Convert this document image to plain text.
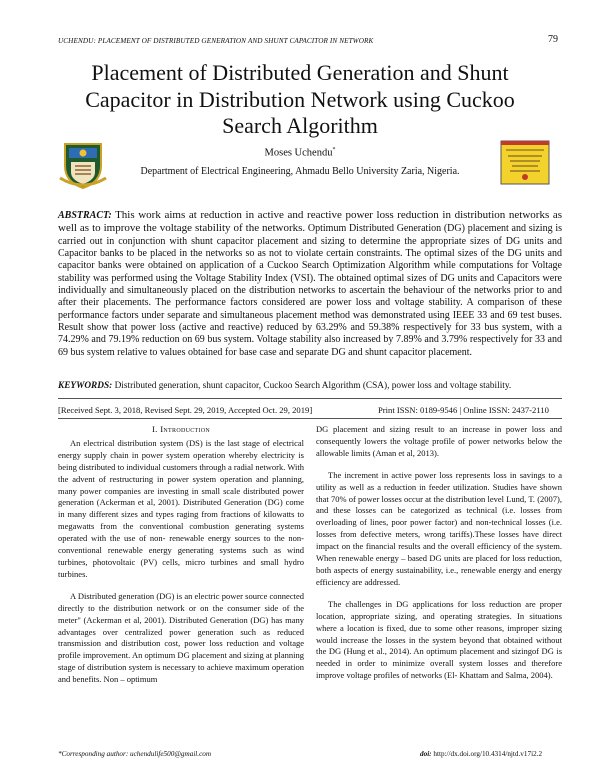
UCHENDU: PLACEMENT OF DISTRIBUTED GENERATION AND SHUNT CAPACITOR IN NETWORK	79
Placement of Distributed Generation and Shunt Capacitor in Distribution Network using Cuckoo Search Algorithm
Moses Uchendu*
Department of Electrical Engineering, Ahmadu Bello University Zaria, Nigeria.
ABSTRACT: This work aims at reduction in active and reactive power loss reduction in distribution networks as well as to improve the voltage stability of the networks. Optimum Distributed Generation (DG) placement and sizing is carried out in conjunction with shunt capacitor placement and sizing to determine the appropriate sizes of DG units and Capacitor banks to be placed in the networks so as not to violate certain constraints. The optimal sizes of the DG units and capacitor banks were obtained on application of a Cuckoo Search Optimization Algorithm while computations for Voltage stability was performed using the Voltage Stability Index (VSI). The obtained optimal sizes of DG units and Capacitors were individually and simultaneously placed on the distribution networks to ascertain the behaviour of the networks prior to and after their placements. The performance factors considered are power loss and voltage stability. A comparison of these performance factors under separate and simultaneous placement method was demonstrated using IEEE 33 and 69 test buses. Result show that power loss (active and reactive) reduced by 63.29% and 59.38% respectively for 33 bus system, with a 74.29% and 79.19% reduction on 69 bus system. Voltage stability also increased by 7.89% and 3.79% respectively for 33 and 69 bus system relative to values obtained for base case and separate DG and shunt capacitor placement.
KEYWORDS: Distributed generation, shunt capacitor, Cuckoo Search Algorithm (CSA), power loss and voltage stability.
[Received Sept. 3, 2018, Revised Sept. 29, 2019, Accepted Oct. 29, 2019]	Print ISSN: 0189-9546 | Online ISSN: 2437-2110
I. Introduction

An electrical distribution system (DS) is the last stage of electrical energy supply chain in power system operation whereby electricity is being distributed to individual customers through a radial network. With the advent of restructuring in power system operation and planning, many power companies are investing in small scale distributed power generation (Ackerman et al, 2001). Distributed Generation (DG) come in many different sizes and types raging from fractions of kilowatts to megawatts from the conventional combustion generating systems operated with the use of non- renewable energy sources to the non-conventional renewable energy generating systems such as wind turbines, photovoltaic (PV) cells, micro turbines and small hydro turbines.

A Distributed generation (DG) is an electric power source connected directly to the distribution network or on the consumer side of the meter" (Ackerman et al, 2001). Distributed Generation (DG) has many advantages over centralized power generation such as reduced transmission and distribution cost, power loss reduction and voltage profile improvement. An optimum DG placement and sizing at planning stage of distribution system is necessary to achieve maximum operation and benefits. Non – optimum

DG placement and sizing result to an increase in power loss and consequently lowers the voltage profile of power networks below the allowable limits (Aman et al, 2013).

The increment in active power loss represents loss in savings to a utility as well as a reduction in feeder utilization. Studies have shown that 70% of power losses occur at the distribution level Lund, T. (2007), and these losses can be categorized as technical (i.e. losses from overloading of lines, poor power factor) and non-technical losses (i.e. losses from defective meters, wrong tariffs).These losses have direct impact on the financial results and the overall efficiency of the system. When renewable energy – based DG units are placed for loss reduction, both aspects of energy sustainability, i.e., renewable energy and energy efficiency are addressed.

The challenges in DG applications for loss reduction are proper location, appropriate sizing, and operating strategies. In situations where a location is fixed, due to some other reasons, improper sizing would increase the losses in the system beyond that obtained without the DG (Hung et al., 2014). An optimum placement and sizingof DG is needed in order to minimize overall system losses and therefore improve voltage profiles of networks (El- Khattam and Salma, 2004).

*Corresponding author: uchendulife500@gmail.com	doi: http://dx.doi.org/10.4314/njtd.v17i2.2
